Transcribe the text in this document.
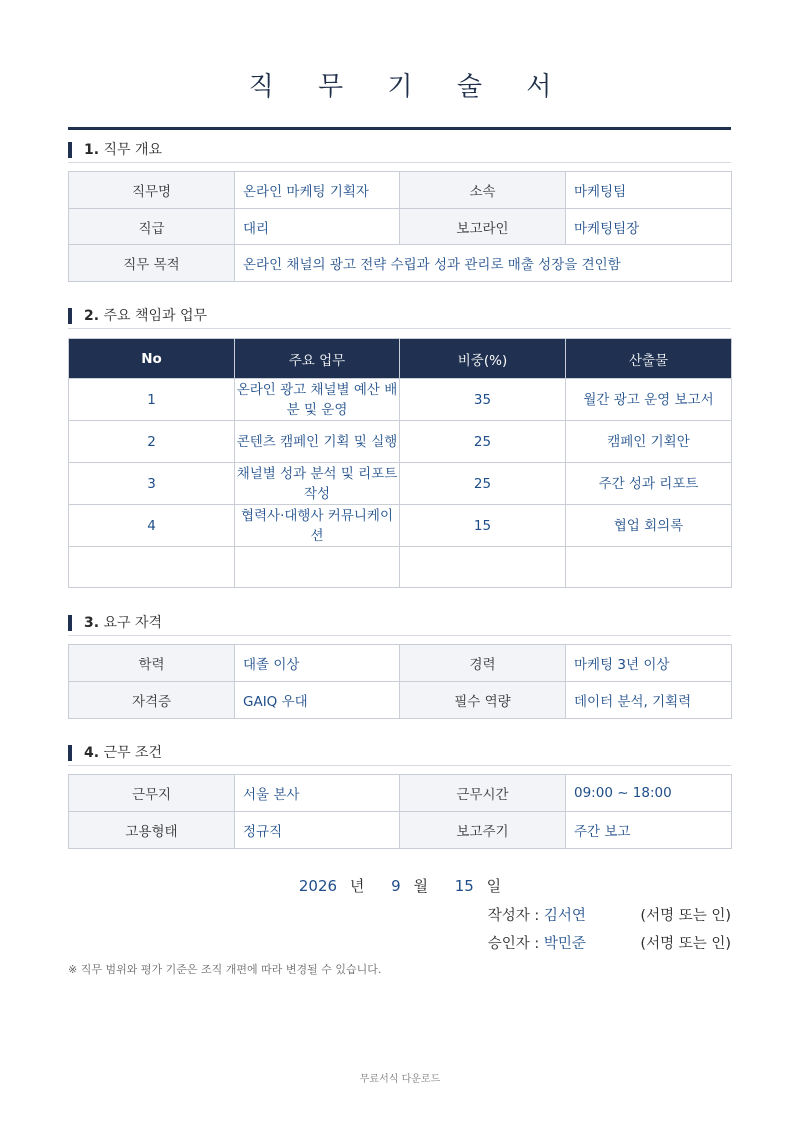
직 무 기 술 서
1. 직무 개요
직무명	온라인 마케팅 기획자	소속	마케팅팀
직급	대리	보고라인	마케팅팀장
직무 목적	온라인 채널의 광고 전략 수립과 성과 관리로 매출 성장을 견인함		
2. 주요 책임과 업무
No	주요 업무	비중(%)	산출물
1	온라인 광고 채널별 예산 배분 및 운영	35	월간 광고 운영 보고서
2	콘텐츠 캠페인 기획 및 실행	25	캠페인 기획안
3	채널별 성과 분석 및 리포트 작성	25	주간 성과 리포트
4	협력사·대행사 커뮤니케이션	15	협업 회의록

3. 요구 자격
학력	대졸 이상	경력	마케팅 3년 이상
자격증	GAIQ 우대	필수 역량	데이터 분석, 기획력
4. 근무 조건
근무지	서울 본사	근무시간	09:00 ~ 18:00
고용형태	정규직	보고주기	주간 보고
2026 년 9 월 15 일
작성자 : 김서연	(서명 또는 인)
승인자 : 박민준	(서명 또는 인)
※ 직무 범위와 평가 기준은 조직 개편에 따라 변경될 수 있습니다.
무료서식 다운로드
